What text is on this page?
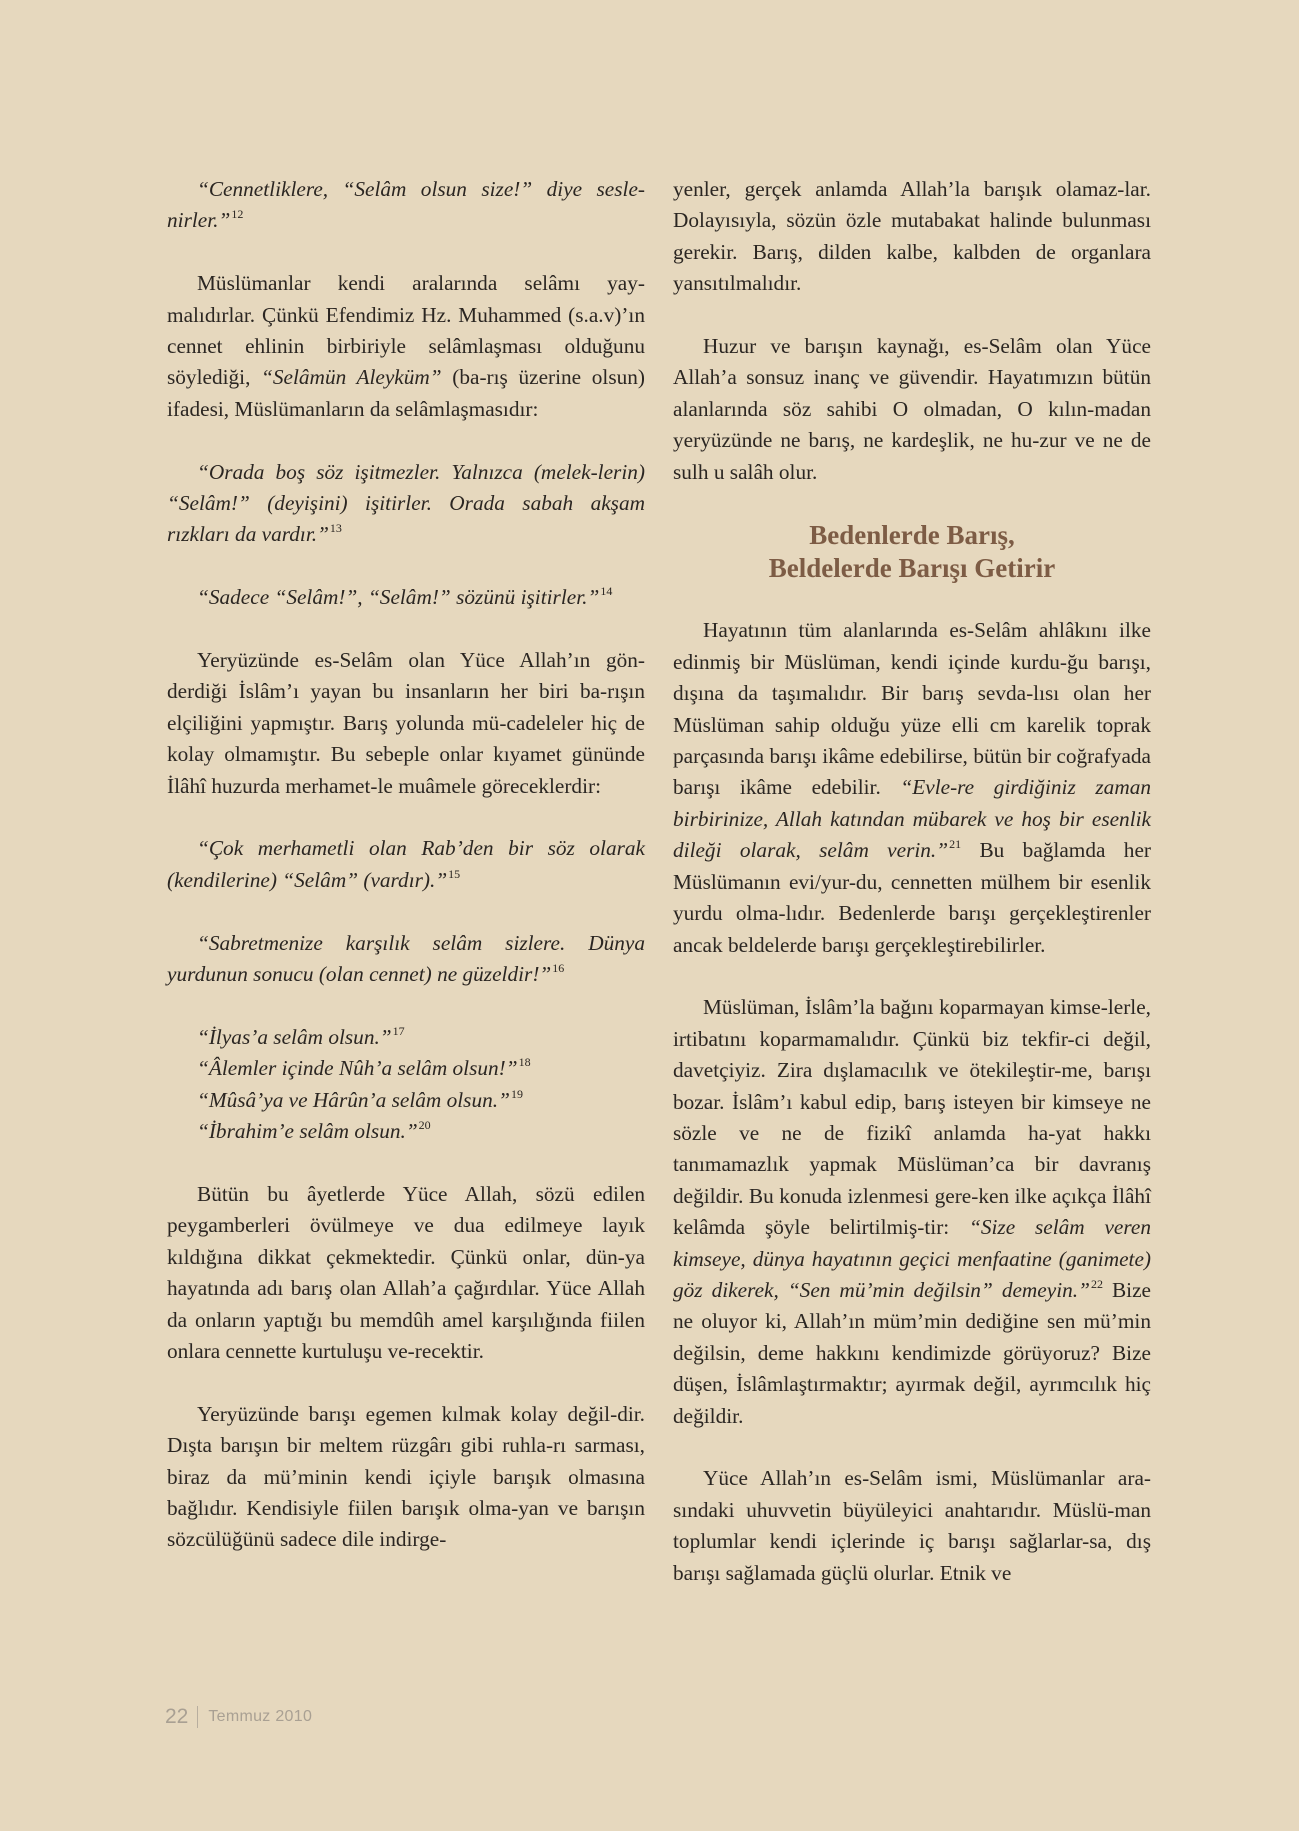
“Cennetliklere, “Selâm olsun size!” diye sesle-nirler.”$^{12}$

Müslümanlar kendi aralarında selâmı yay-malıdırlar. Çünkü Efendimiz Hz. Muhammed (s.a.v)’ın cennet ehlinin birbiriyle selâmlaşması olduğunu söylediği, “Selâmün Aleyküm” (ba-rış üzerine olsun) ifadesi, Müslümanların da selâmlaşmasıdır:

“Orada boş söz işitmezler. Yalnızca (melek-lerin) “Selâm!” (deyişini) işitirler. Orada sabah akşam rızkları da vardır.”$^{13}$

“Sadece “Selâm!”, “Selâm!” sözünü işitirler.”$^{14}$

Yeryüzünde es-Selâm olan Yüce Allah’ın gön-derdiği İslâm’ı yayan bu insanların her biri ba-rışın elçiliğini yapmıştır. Barış yolunda mü-cadeleler hiç de kolay olmamıştır. Bu sebeple onlar kıyamet gününde İlâhî huzurda merhamet-le muâmele göreceklerdir:

“Çok merhametli olan Rab’den bir söz olarak (kendilerine) “Selâm” (vardır).”$^{15}$

“Sabretmenize karşılık selâm sizlere. Dünya yurdunun sonucu (olan cennet) ne güzeldir!”$^{16}$

“İlyas’a selâm olsun.”$^{17}$

“Âlemler içinde Nûh’a selâm olsun!”$^{18}$

“Mûsâ’ya ve Hârûn’a selâm olsun.”$^{19}$

“İbrahim’e selâm olsun.”$^{20}$

Bütün bu âyetlerde Yüce Allah, sözü edilen peygamberleri övülmeye ve dua edilmeye layık kıldığına dikkat çekmektedir. Çünkü onlar, dün-ya hayatında adı barış olan Allah’a çağırdılar. Yüce Allah da onların yaptığı bu memdûh amel karşılığında fiilen onlara cennette kurtuluşu ve-recektir.

Yeryüzünde barışı egemen kılmak kolay değil-dir. Dışta barışın bir meltem rüzgârı gibi ruhla-rı sarması, biraz da mü’minin kendi içiyle barışık olmasına bağlıdır. Kendisiyle fiilen barışık olma-yan ve barışın sözcülüğünü sadece dile indirge-

yenler, gerçek anlamda Allah’la barışık olamaz-lar. Dolayısıyla, sözün özle mutabakat halinde bulunması gerekir. Barış, dilden kalbe, kalbden de organlara yansıtılmalıdır.

Huzur ve barışın kaynağı, es-Selâm olan Yüce Allah’a sonsuz inanç ve güvendir. Hayatımızın bütün alanlarında söz sahibi O olmadan, O kılın-madan yeryüzünde ne barış, ne kardeşlik, ne hu-zur ve ne de sulh u salâh olur.

Bedenlerde Barış,
Beldelerde Barışı Getirir

Hayatının tüm alanlarında es-Selâm ahlâkını ilke edinmiş bir Müslüman, kendi içinde kurdu-ğu barışı, dışına da taşımalıdır. Bir barış sevda-lısı olan her Müslüman sahip olduğu yüze elli cm karelik toprak parçasında barışı ikâme edebilirse, bütün bir coğrafyada barışı ikâme edebilir. “Evle-re girdiğiniz zaman birbirinize, Allah katından mübarek ve hoş bir esenlik dileği olarak, selâm verin.”$^{21}$ Bu bağlamda her Müslümanın evi/yur-du, cennetten mülhem bir esenlik yurdu olma-lıdır. Bedenlerde barışı gerçekleştirenler ancak beldelerde barışı gerçekleştirebilirler.

Müslüman, İslâm’la bağını koparmayan kimse-lerle, irtibatını koparmamalıdır. Çünkü biz tekfir-ci değil, davetçiyiz. Zira dışlamacılık ve ötekileştir-me, barışı bozar. İslâm’ı kabul edip, barış isteyen bir kimseye ne sözle ve ne de fizikî anlamda ha-yat hakkı tanımamazlık yapmak Müslüman’ca bir davranış değildir. Bu konuda izlenmesi gere-ken ilke açıkça İlâhî kelâmda şöyle belirtilmiş-tir: “Size selâm veren kimseye, dünya hayatının geçici menfaatine (ganimete) göz dikerek, “Sen mü’min değilsin” demeyin.”$^{22}$ Bize ne oluyor ki, Allah’ın müm’min dediğine sen mü’min değilsin, deme hakkını kendimizde görüyoruz? Bize düşen, İslâmlaştırmaktır; ayırmak değil, ayrımcılık hiç değildir.

Yüce Allah’ın es-Selâm ismi, Müslümanlar ara-sındaki uhuvvetin büyüleyici anahtarıdır. Müslü-man toplumlar kendi içlerinde iç barışı sağlarlar-sa, dış barışı sağlamada güçlü olurlar. Etnik ve

22 Temmuz 2010
